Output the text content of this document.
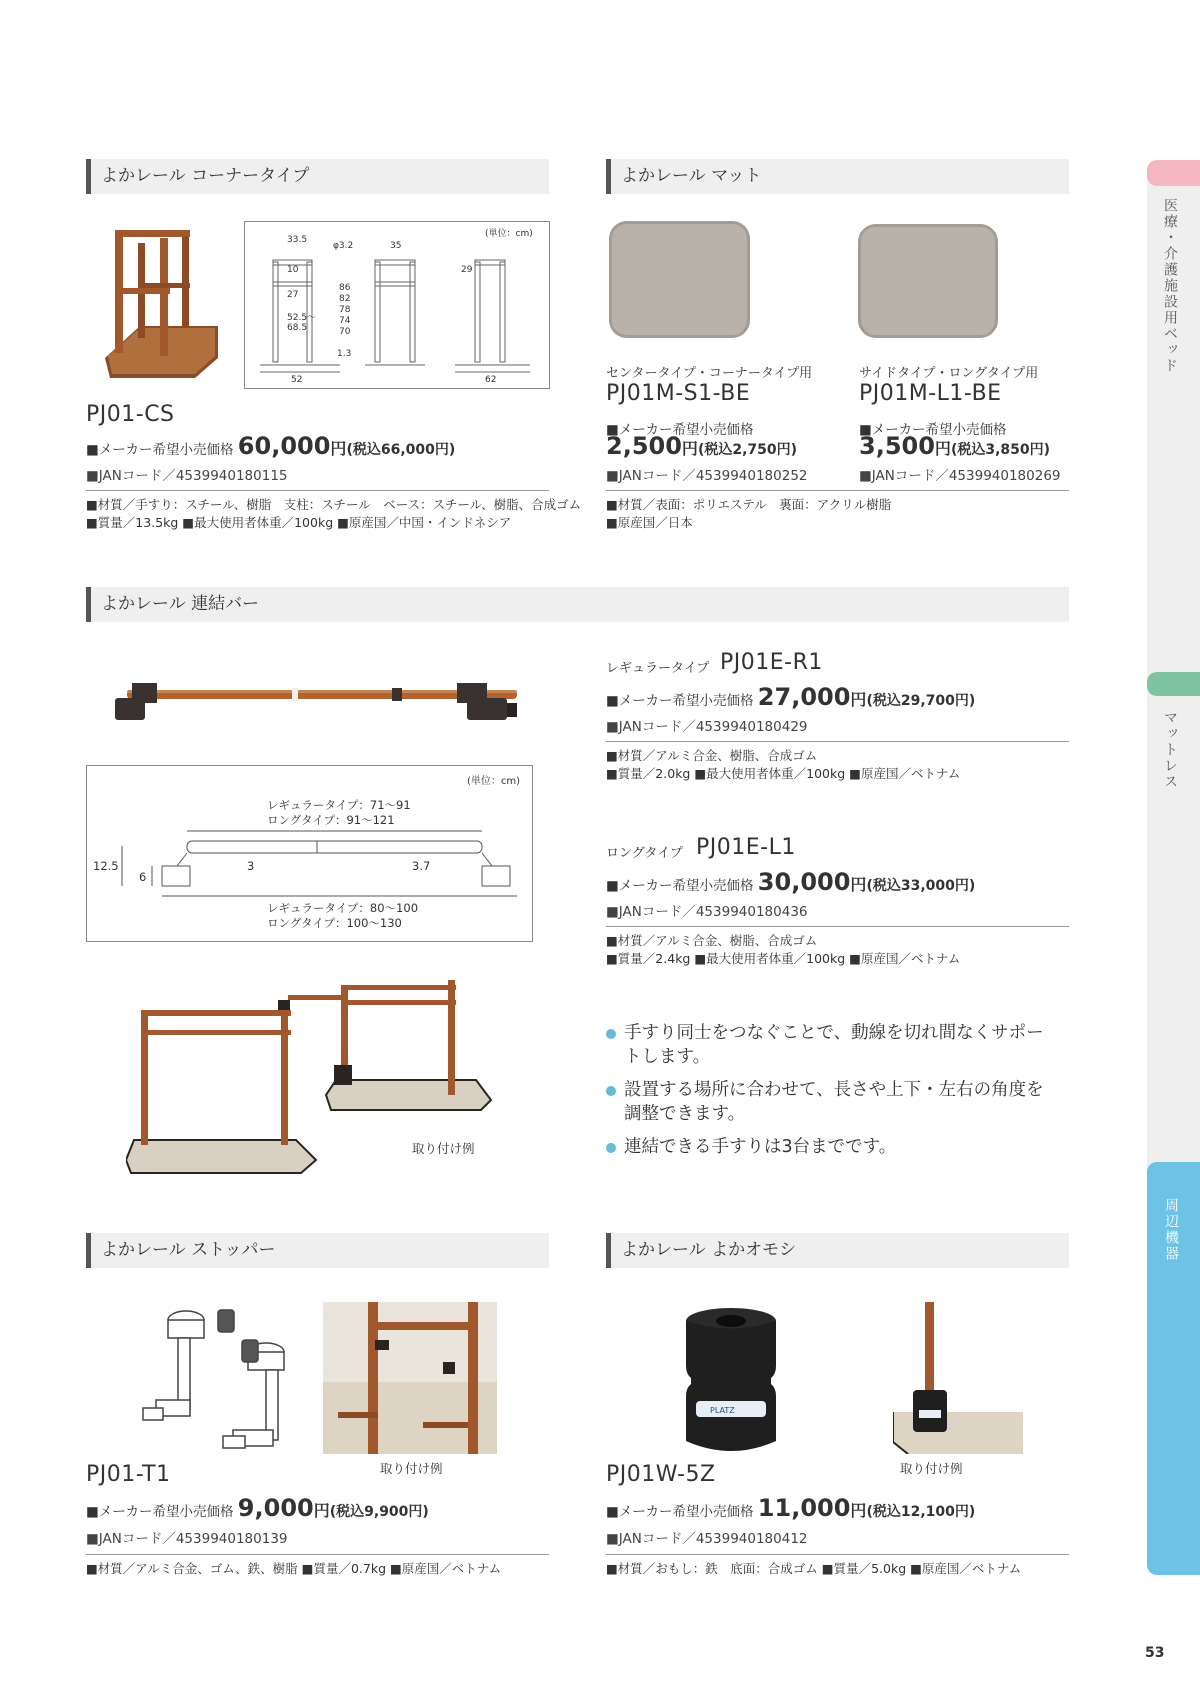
よかレール コーナータイプ
(単位：cm)
33.5
φ3.2
10
27
52.5～
68.5
86
82
78
74
70
1.3
52
35
29
62
PJ01-CS
■メーカー希望小売価格 60,000円(税込66,000円)
■JANコード／4539940180115
■材質／手すり：スチール、樹脂　支柱：スチール　ベース：スチール、樹脂、合成ゴム
■質量／13.5kg ■最大使用者体重／100kg ■原産国／中国・インドネシア
よかレール マット
センタータイプ・コーナータイプ用
PJ01M-S1-BE
■メーカー希望小売価格
2,500円(税込2,750円)
■JANコード／4539940180252
サイドタイプ・ロングタイプ用
PJ01M-L1-BE
■メーカー希望小売価格
3,500円(税込3,850円)
■JANコード／4539940180269
■材質／表面：ポリエステル　裏面：アクリル樹脂
■原産国／日本
よかレール 連結バー
(単位：cm)
レギュラータイプ：71～91
ロングタイプ：91～121
12.5
6
3	3.7
レギュラータイプ：80～100
ロングタイプ：100～130
取り付け例
レギュラータイプ PJ01E-R1
■メーカー希望小売価格 27,000円(税込29,700円)
■JANコード／4539940180429
■材質／アルミ合金、樹脂、合成ゴム
■質量／2.0kg ■最大使用者体重／100kg ■原産国／ベトナム
ロングタイプ PJ01E-L1
■メーカー希望小売価格 30,000円(税込33,000円)
■JANコード／4539940180436
■材質／アルミ合金、樹脂、合成ゴム
■質量／2.4kg ■最大使用者体重／100kg ■原産国／ベトナム
手すり同士をつなぐことで、動線を切れ間なくサポートします。
設置する場所に合わせて、長さや上下・左右の角度を調整できます。
連結できる手すりは3台までです。
よかレール ストッパー
取り付け例
PJ01-T1
■メーカー希望小売価格 9,000円(税込9,900円)
■JANコード／4539940180139
■材質／アルミ合金、ゴム、鉄、樹脂 ■質量／0.7kg ■原産国／ベトナム
よかレール よかオモシ
PLATZ
取り付け例
PJ01W-5Z
■メーカー希望小売価格 11,000円(税込12,100円)
■JANコード／4539940180412
■材質／おもし：鉄　底面：合成ゴム ■質量／5.0kg ■原産国／ベトナム
医療・介護施設用ベッド
マットレス
周辺機器
53
